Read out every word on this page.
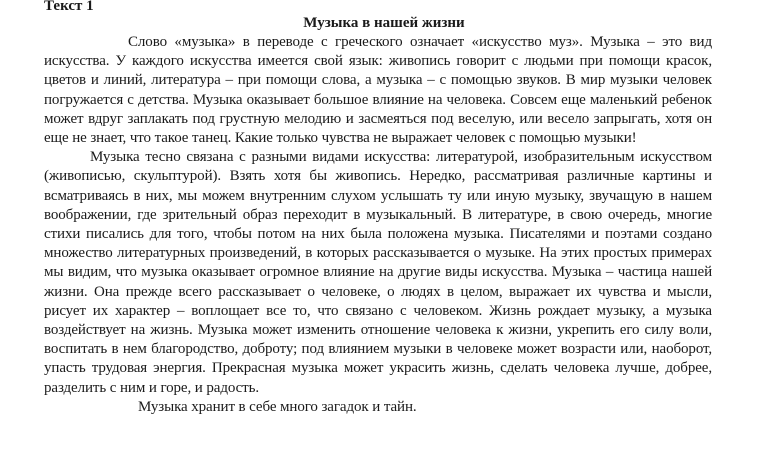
Текст 1

Музыка в нашей жизни

Слово «музыка» в переводе с греческого означает «искусство муз». Музыка – это вид искусства. У каждого искусства имеется свой язык: живопись говорит с людьми при помощи красок, цветов и линий, литература – при помощи слова, а музыка – с помощью звуков. В мир музыки человек погружается с детства. Музыка оказывает большое влияние на человека. Совсем еще маленький ребенок может вдруг заплакать под грустную мелодию и засмеяться под веселую, или весело запрыгать, хотя он еще не знает, что такое танец. Какие только чувства не выражает человек с помощью музыки!

Музыка тесно связана с разными видами искусства: литературой, изобразительным искусством (живописью, скульптурой). Взять хотя бы живопись. Нередко, рассматривая различные картины и всматриваясь в них, мы можем внутренним слухом услышать ту или иную музыку, звучащую в нашем воображении, где зрительный образ переходит в музыкальный. В литературе, в свою очередь, многие стихи писались для того, чтобы потом на них была положена музыка. Писателями и поэтами создано множество литературных произведений, в которых рассказывается о музыке. На этих простых примерах мы видим, что музыка оказывает огромное влияние на другие виды искусства. Музыка – частица нашей жизни. Она прежде всего рассказывает о человеке, о людях в целом, выражает их чувства и мысли, рисует их характер – воплощает все то, что связано с человеком. Жизнь рождает музыку, а музыка воздействует на жизнь. Музыка может изменить отношение человека к жизни, укрепить его силу воли, воспитать в нем благородство, доброту; под влиянием музыки в человеке может возрасти или, наоборот, упасть трудовая энергия. Прекрасная музыка может украсить жизнь, сделать человека лучше, добрее, разделить с ним и горе, и радость.

Музыка хранит в себе много загадок и тайн.
